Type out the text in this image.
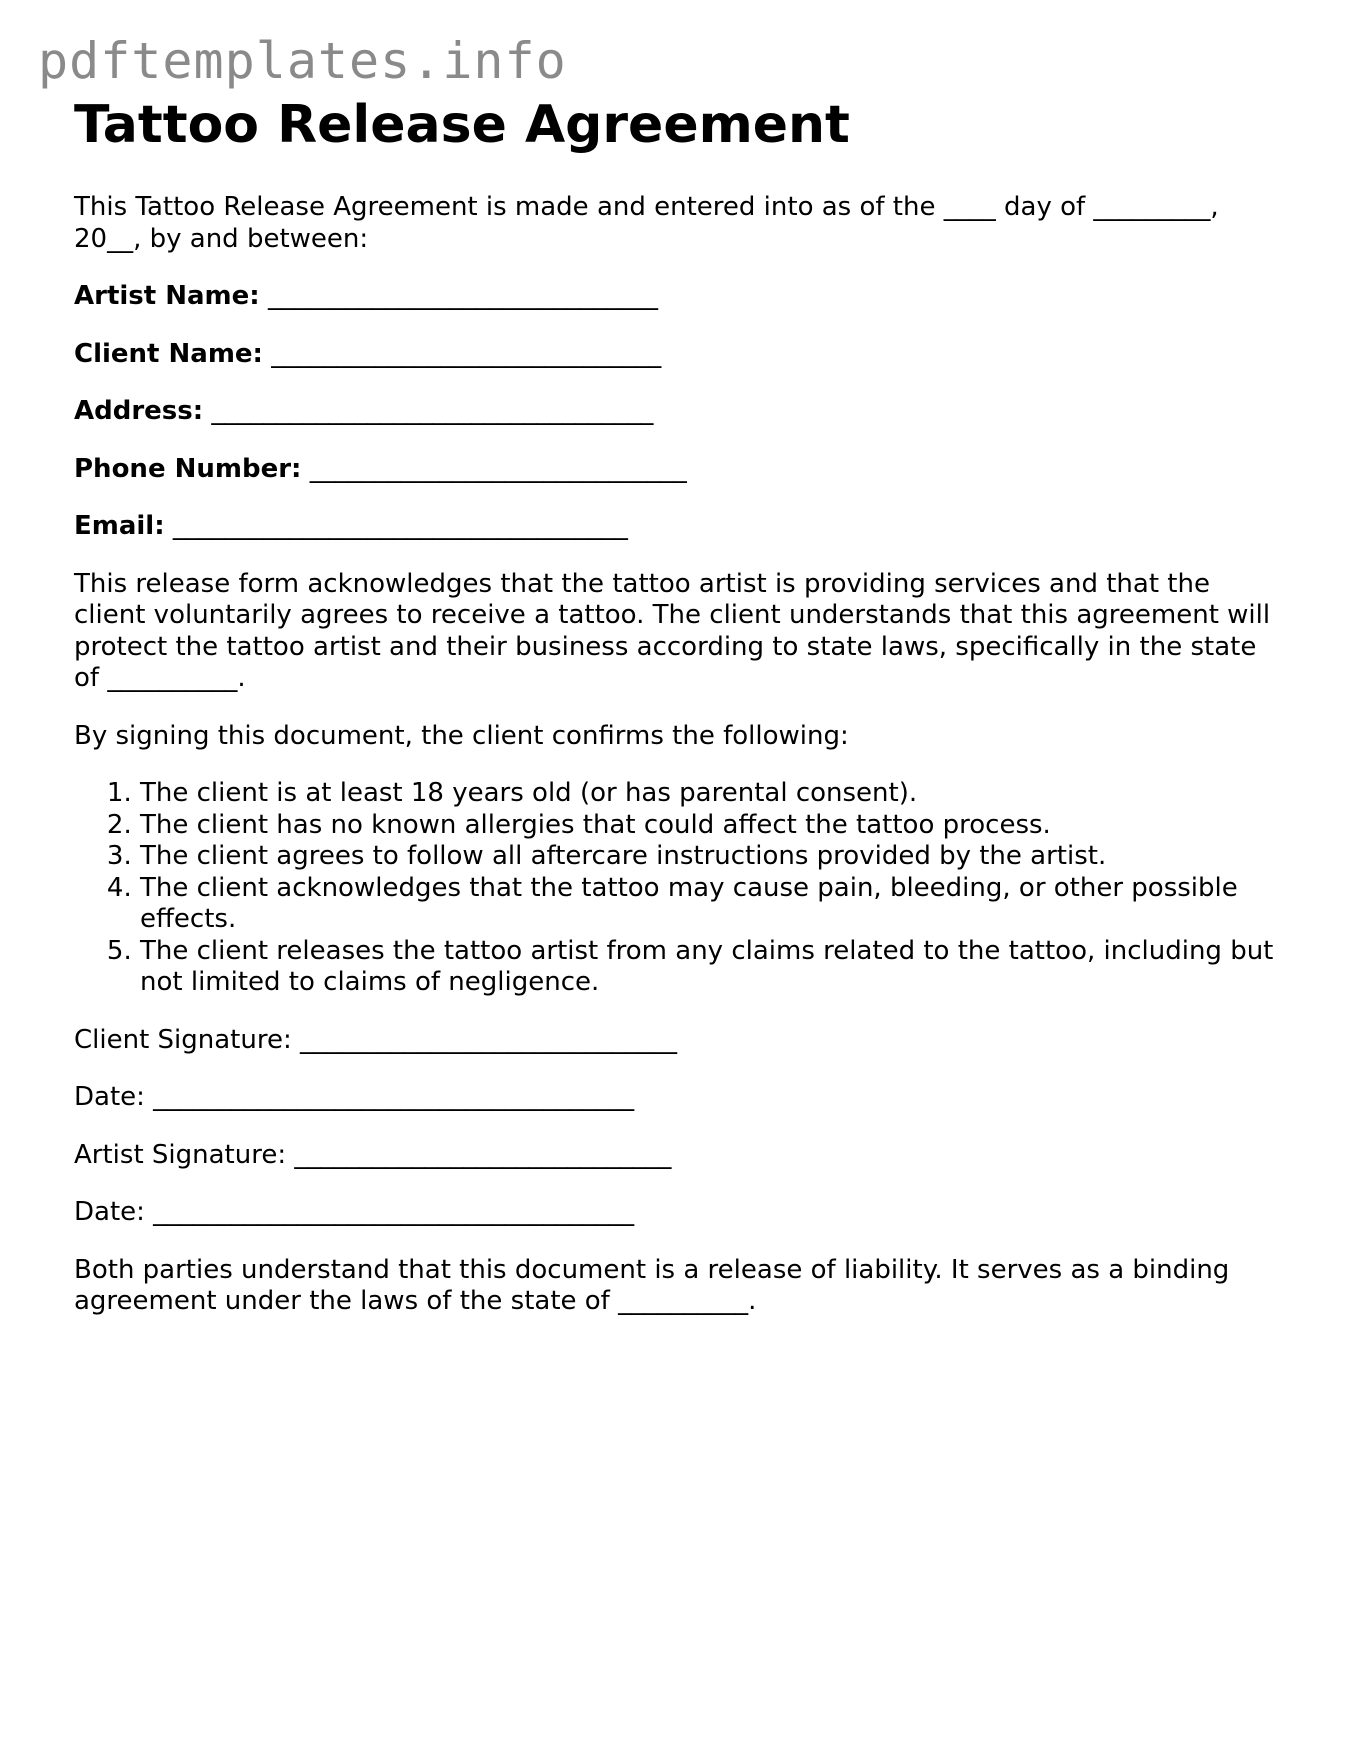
pdftemplates.info
Tattoo Release Agreement

This Tattoo Release Agreement is made and entered into as of the ____ day of _________, 20__, by and between:

Artist Name: ______________________________
Client Name: ______________________________
Address: __________________________________
Phone Number: _____________________________
Email: ___________________________________

This release form acknowledges that the tattoo artist is providing services and that the client voluntarily agrees to receive a tattoo. The client understands that this agreement will protect the tattoo artist and their business according to state laws, specifically in the state of __________.

By signing this document, the client confirms the following:

1. The client is at least 18 years old (or has parental consent).
2. The client has no known allergies that could affect the tattoo process.
3. The client agrees to follow all aftercare instructions provided by the artist.
4. The client acknowledges that the tattoo may cause pain, bleeding, or other possible effects.
5. The client releases the tattoo artist from any claims related to the tattoo, including but not limited to claims of negligence.
Client Signature: _____________________________
Date: _____________________________________
Artist Signature: _____________________________
Date: _____________________________________

Both parties understand that this document is a release of liability. It serves as a binding agreement under the laws of the state of __________.
